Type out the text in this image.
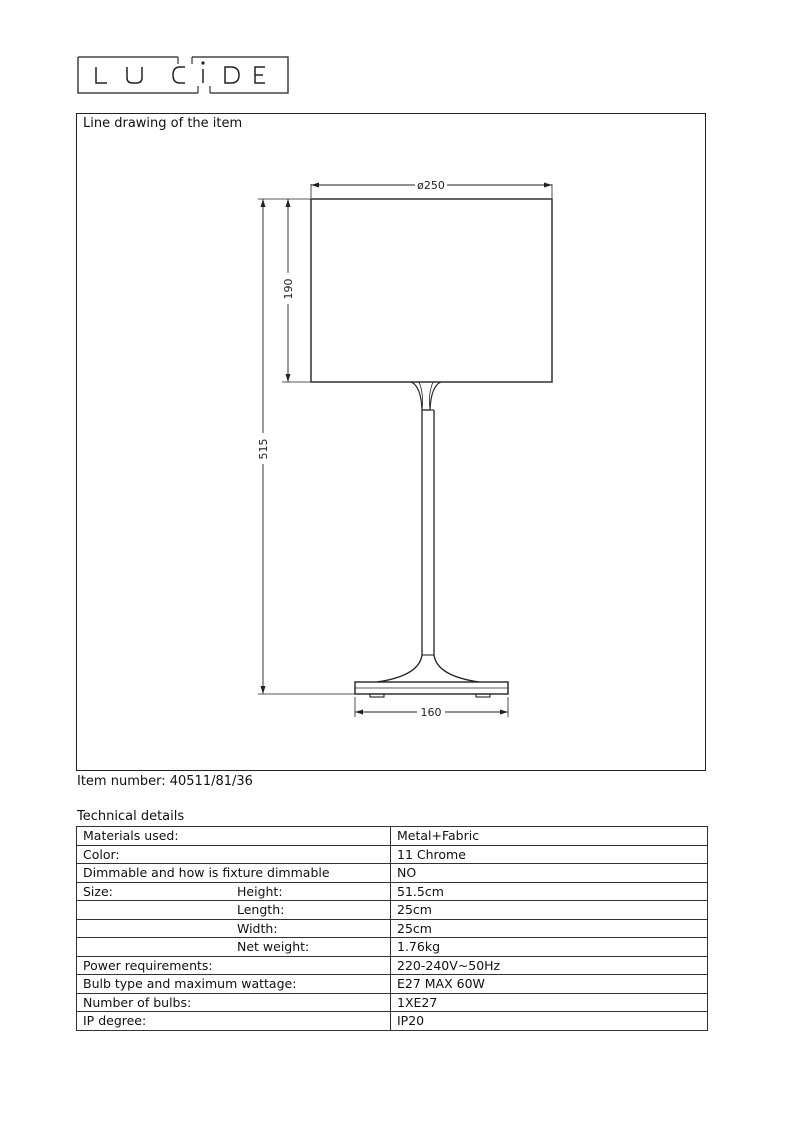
Line drawing of the item
ø250
190
515
160
Item number: 40511/81/36
Technical details
Materials used:	Metal+Fabric
Color:	11 Chrome
Dimmable and how is fixture dimmable	NO
Size: Height:	51.5cm
Length:	25cm
Width:	25cm
Net weight:	1.76kg
Power requirements:	220-240V~50Hz
Bulb type and maximum wattage:	E27 MAX 60W
Number of bulbs:	1XE27
IP degree:	IP20
